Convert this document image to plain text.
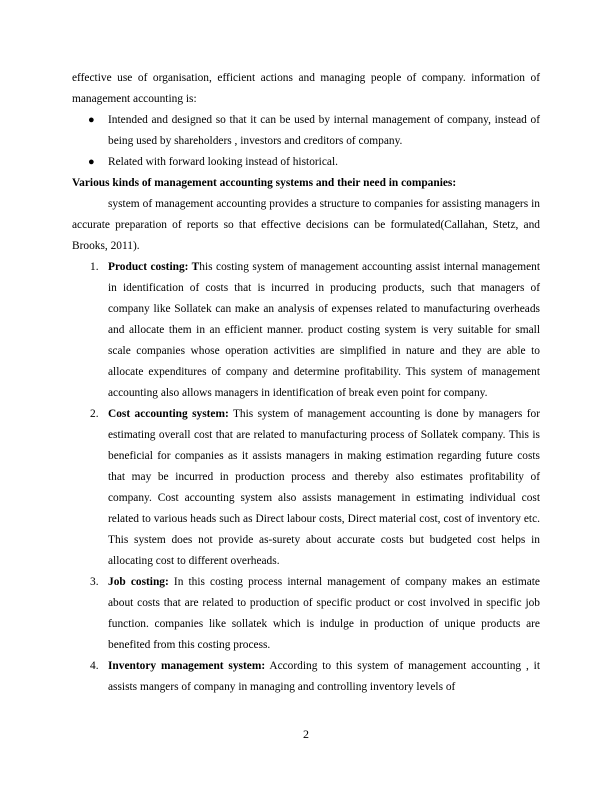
effective use of organisation, efficient actions and managing people of company. information of management accounting is:

● Intended and designed so that it can be used by internal management of company, instead of being used by shareholders , investors and creditors of company.
● Related with forward looking instead of historical.

Various kinds of management accounting systems and their need in companies:

system of management accounting provides a structure to companies for assisting managers in accurate preparation of reports so that effective decisions can be formulated(Callahan, Stetz, and Brooks, 2011).

1. Product costing: This costing system of management accounting assist internal management in identification of costs that is incurred in producing products, such that managers of company like Sollatek can make an analysis of expenses related to manufacturing overheads and allocate them in an efficient manner. product costing system is very suitable for small scale companies whose operation activities are simplified in nature and they are able to allocate expenditures of company and determine profitability. This system of management accounting also allows managers in identification of break even point for company.
2. Cost accounting system: This system of management accounting is done by managers for estimating overall cost that are related to manufacturing process of Sollatek company. This is beneficial for companies as it assists managers in making estimation regarding future costs that may be incurred in production process and thereby also estimates profitability of company. Cost accounting system also assists management in estimating individual cost related to various heads such as Direct labour costs, Direct material cost, cost of inventory etc. This system does not provide as-surety about accurate costs but budgeted cost helps in allocating cost to different overheads.
3. Job costing: In this costing process internal management of company makes an estimate about costs that are related to production of specific product or cost involved in specific job function. companies like sollatek which is indulge in production of unique products are benefited from this costing process.
4. Inventory management system: According to this system of management accounting , it assists mangers of company in managing and controlling inventory levels of
2
